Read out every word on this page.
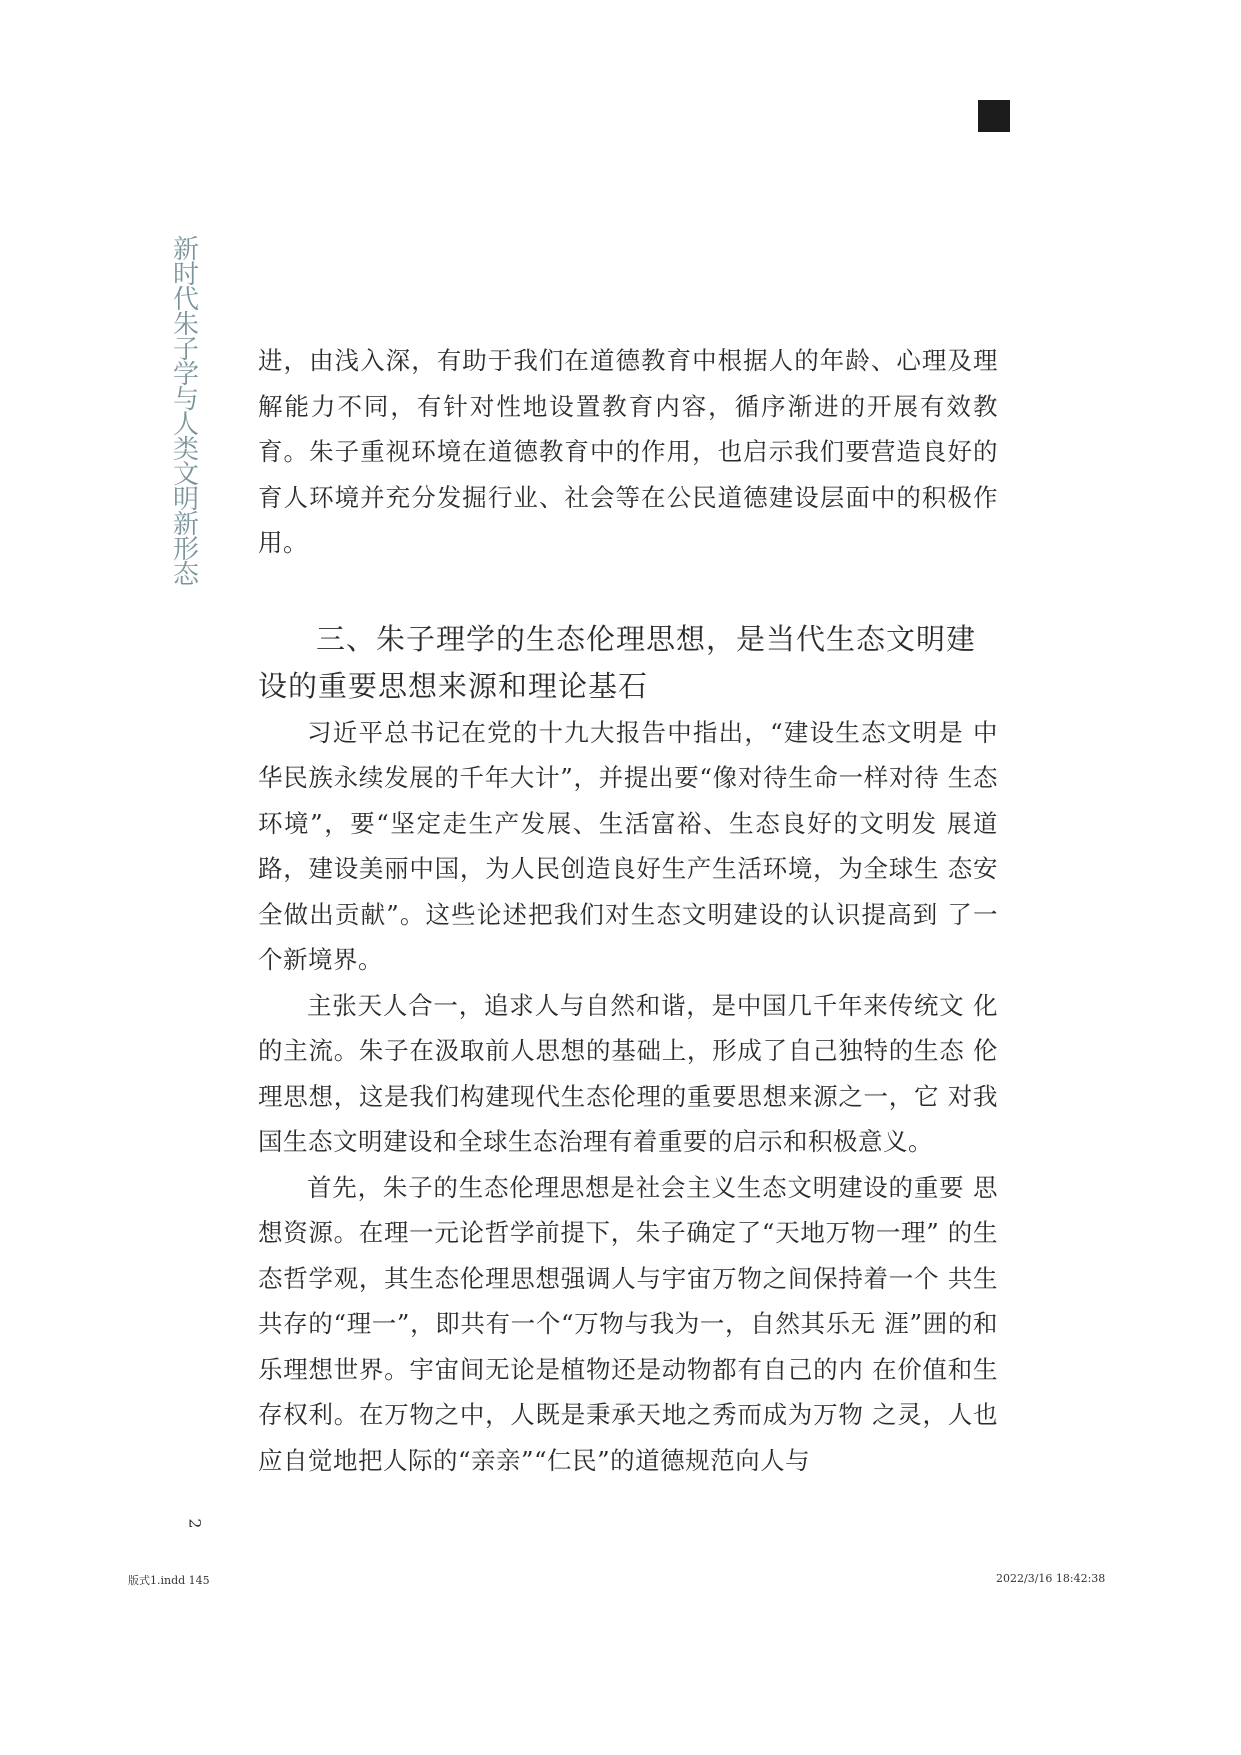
新时代朱子学与人类文明新形态

进，由浅入深，有助于我们在道德教育中根据人的年龄、心理及理 解能力不同，有针对性地设置教育内容，循序渐进的开展有效教 育。朱子重视环境在道德教育中的作用，也启示我们要营造良好的 育人环境并充分发掘行业、社会等在公民道德建设层面中的积极作 用。

三、朱子理学的生态伦理思想，是当代生态文明建 设的重要思想来源和理论基石

习近平总书记在党的十九大报告中指出，“建设生态文明是 中华民族永续发展的千年大计”，并提出要“像对待生命一样对待 生态环境”，要“坚定走生产发展、生活富裕、生态良好的文明发 展道路，建设美丽中国，为人民创造良好生产生活环境，为全球生 态安全做出贡献”。这些论述把我们对生态文明建设的认识提高到 了一个新境界。

主张天人合一，追求人与自然和谐，是中国几千年来传统文 化的主流。朱子在汲取前人思想的基础上，形成了自己独特的生态 伦理思想，这是我们构建现代生态伦理的重要思想来源之一，它 对我国生态文明建设和全球生态治理有着重要的启示和积极意义。

首先，朱子的生态伦理思想是社会主义生态文明建设的重要 思想资源。在理一元论哲学前提下，朱子确定了“天地万物一理” 的生态哲学观，其生态伦理思想强调人与宇宙万物之间保持着一个 共生共存的“理一”，即共有一个“万物与我为一，自然其乐无 涯”囲的和乐理想世界。宇宙间无论是植物还是动物都有自己的内 在价值和生存权利。在万物之中，人既是秉承天地之秀而成为万物 之灵，人也应自觉地把人际的“亲亲”“仁民”的道德规范向人与

2
版式1.indd 145	2022/3/16 18:42:38
